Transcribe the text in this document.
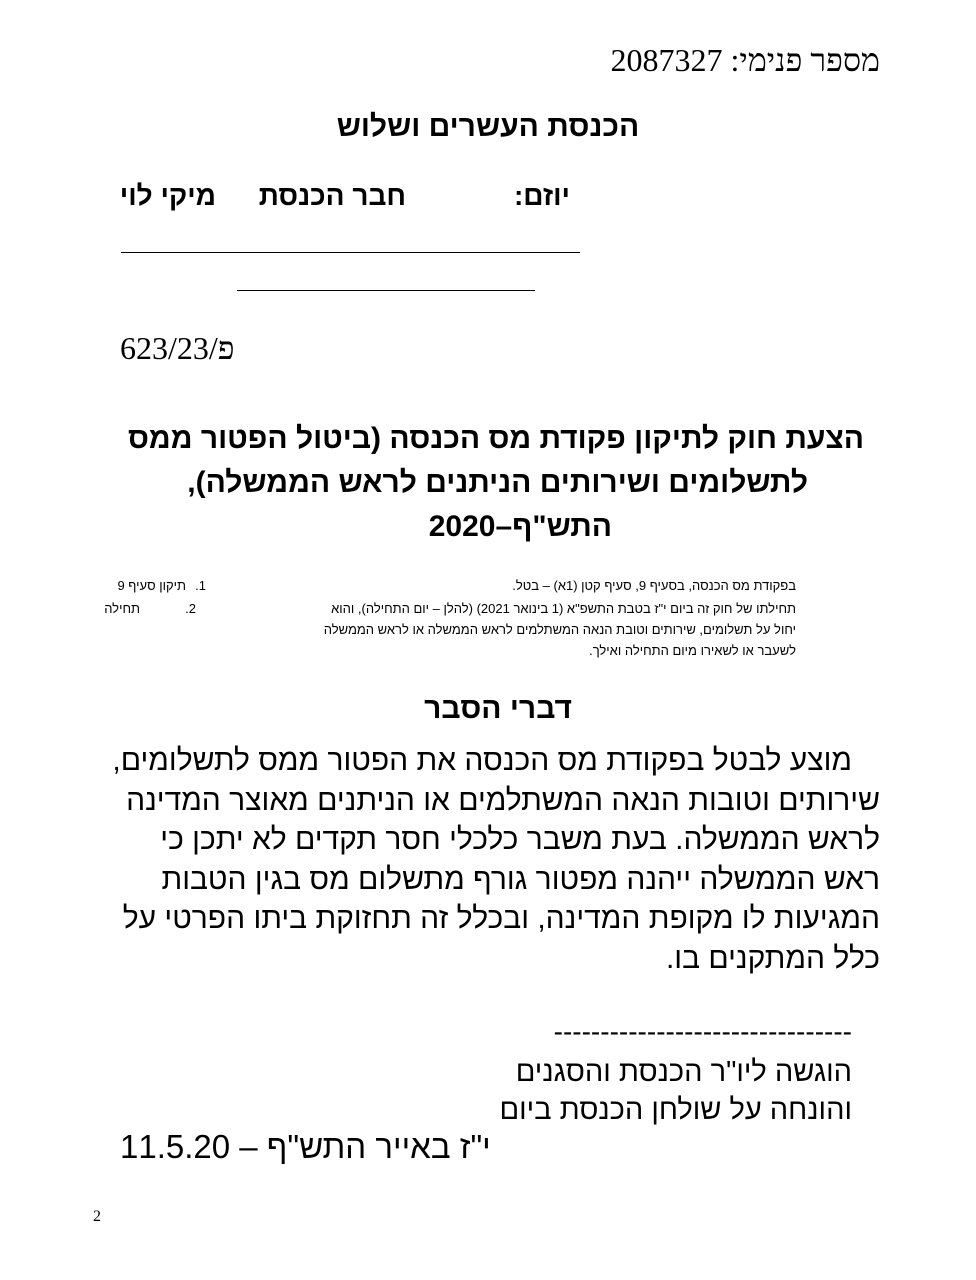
מספר פנימי: 2087327
הכנסת העשרים ושלוש
יוזם:
חבר הכנסת
מיקי לוי
פ/623/23
הצעת חוק לתיקון פקודת מס הכנסה (ביטול הפטור ממס
לתשלומים ושירותים הניתנים לראש הממשלה),
התש"ף–2020
תיקון סעיף 9 1.	בפקודת מס הכנסה, בסעיף 9, סעיף קטן (1א) – בטל.
תחילה	2.	תחילתו של חוק זה ביום י"ז בטבת התשפ"א (1 בינואר 2021) (להלן – יום התחילה), והוא
יחול על תשלומים, שירותים וטובת הנאה המשתלמים לראש הממשלה או לראש הממשלה
לשעבר או לשאירו מיום התחילה ואילך.
דברי הסבר
מוצע לבטל בפקודת מס הכנסה את הפטור ממס לתשלומים,
שירותים וטובות הנאה המשתלמים או הניתנים מאוצר המדינה
לראש הממשלה. בעת משבר כלכלי חסר תקדים לא יתכן כי
ראש הממשלה ייהנה מפטור גורף מתשלום מס בגין הטבות
המגיעות לו מקופת המדינה, ובכלל זה תחזוקת ביתו הפרטי על
כלל המתקנים בו.
--------------------------------
הוגשה ליו"ר הכנסת והסגנים
והונחה על שולחן הכנסת ביום
י"ז באייר התש"ף – 11.5.20
2
